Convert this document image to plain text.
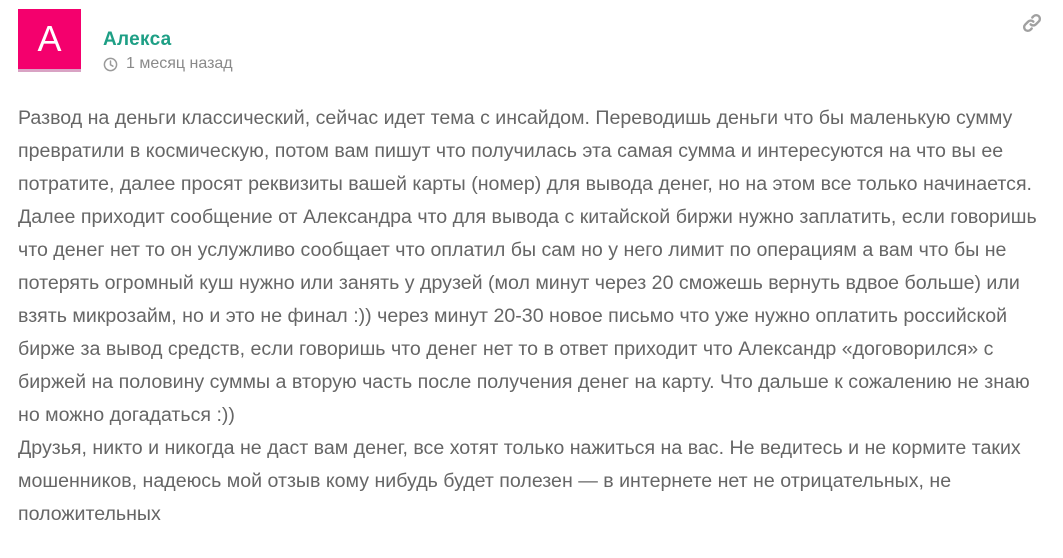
A	Алекса
1 месяц назад

Развод на деньги классический, сейчас идет тема с инсайдом. Переводишь деньги что бы маленькую сумму превратили в космическую, потом вам пишут что получилась эта самая сумма и интересуются на что вы ее потратите, далее просят реквизиты вашей карты (номер) для вывода денег, но на этом все только начинается. Далее приходит сообщение от Александра что для вывода с китайской биржи нужно заплатить, если говоришь что денег нет то он услужливо сообщает что оплатил бы сам но у него лимит по операциям а вам что бы не потерять огромный куш нужно или занять у друзей (мол минут через 20 сможешь вернуть вдвое больше) или взять микрозайм, но и это не финал :)) через минут 20-30 новое письмо что уже нужно оплатить российской бирже за вывод средств, если говоришь что денег нет то в ответ приходит что Александр «договорился» с биржей на половину суммы а вторую часть после получения денег на карту. Что дальше к сожалению не знаю но можно догадаться :))

Друзья, никто и никогда не даст вам денег, все хотят только нажиться на вас. Не ведитесь и не кормите таких мошенников, надеюсь мой отзыв кому нибудь будет полезен — в интернете нет не отрицательных, не положительных
